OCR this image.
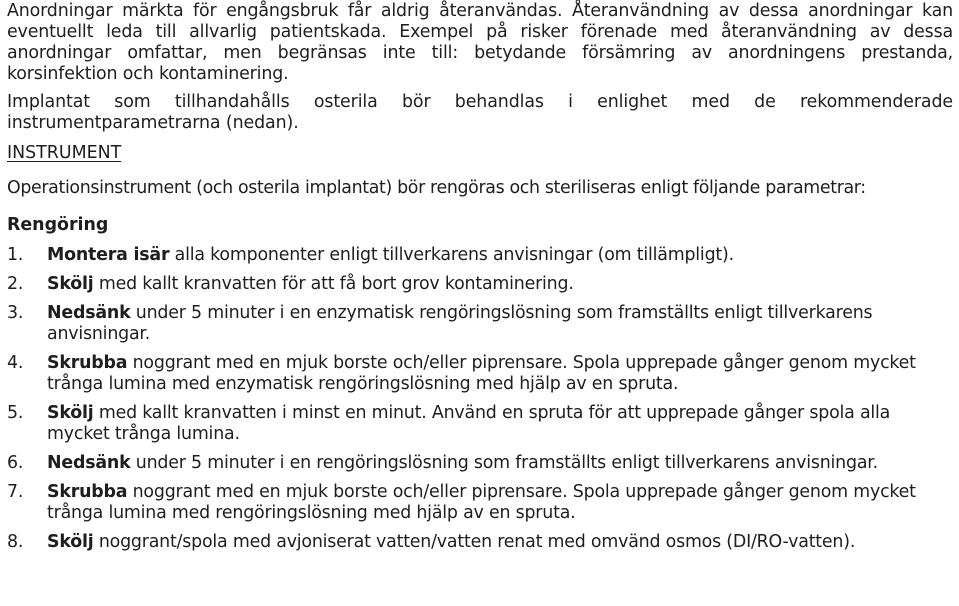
Anordningar märkta för engångsbruk får aldrig återanvändas. Återanvändning av dessa anordningar kan eventuellt leda till allvarlig patientskada. Exempel på risker förenade med återanvändning av dessa anordningar omfattar, men begränsas inte till: betydande försämring av anordningens prestanda, korsinfektion och kontaminering.

Implantat som tillhandahålls osterila bör behandlas i enlighet med de rekommenderade instrumentparametrarna (nedan).

INSTRUMENT

Operationsinstrument (och osterila implantat) bör rengöras och steriliseras enligt följande parametrar:

Rengöring
1.	Montera isär alla komponenter enligt tillverkarens anvisningar (om tillämpligt).
2.	Skölj med kallt kranvatten för att få bort grov kontaminering.
3.	Nedsänk under 5 minuter i en enzymatisk rengöringslösning som framställts enligt tillverkarens anvisningar.
4.	Skrubba noggrant med en mjuk borste och/eller piprensare. Spola upprepade gånger genom mycket trånga lumina med enzymatisk rengöringslösning med hjälp av en spruta.
5.	Skölj med kallt kranvatten i minst en minut. Använd en spruta för att upprepade gånger spola alla mycket trånga lumina.
6.	Nedsänk under 5 minuter i en rengöringslösning som framställts enligt tillverkarens anvisningar.
7.	Skrubba noggrant med en mjuk borste och/eller piprensare. Spola upprepade gånger genom mycket trånga lumina med rengöringslösning med hjälp av en spruta.
8.	Skölj noggrant/spola med avjoniserat vatten/vatten renat med omvänd osmos (DI/RO-vatten).
